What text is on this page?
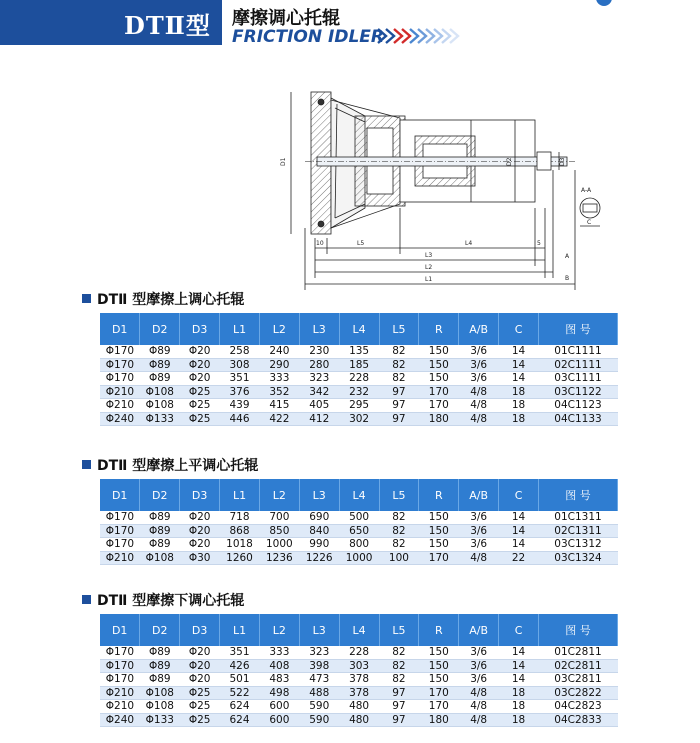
DTⅡ型 摩擦调心托辊
FRICTION IDLER
D1	D2	D3
10	L5	L4	5
L3
L2
L1
A
B
C
A-A
DTⅡ 型摩擦上调心托辊
DTⅡ 型摩擦上平调心托辊
DTⅡ 型摩擦下调心托辊
D1	D2	D3	L1	L2	L3	L4	L5	R	A/B	C	图 号
Φ170	Φ89	Φ20	258	240	230	135	82	150	3/6	14	01C1111
Φ170	Φ89	Φ20	308	290	280	185	82	150	3/6	14	02C1111
Φ170	Φ89	Φ20	351	333	323	228	82	150	3/6	14	03C1111
Φ210	Φ108	Φ25	376	352	342	232	97	170	4/8	18	03C1122
Φ210	Φ108	Φ25	439	415	405	295	97	170	4/8	18	04C1123
Φ240	Φ133	Φ25	446	422	412	302	97	180	4/8	18	04C1133
D1	D2	D3	L1	L2	L3	L4	L5	R	A/B	C	图 号
Φ170	Φ89	Φ20	718	700	690	500	82	150	3/6	14	01C1311
Φ170	Φ89	Φ20	868	850	840	650	82	150	3/6	14	02C1311
Φ170	Φ89	Φ20	1018	1000	990	800	82	150	3/6	14	03C1312
Φ210	Φ108	Φ30	1260	1236	1226	1000	100	170	4/8	22	03C1324
D1	D2	D3	L1	L2	L3	L4	L5	R	A/B	C	图 号
Φ170	Φ89	Φ20	351	333	323	228	82	150	3/6	14	01C2811
Φ170	Φ89	Φ20	426	408	398	303	82	150	3/6	14	02C2811
Φ170	Φ89	Φ20	501	483	473	378	82	150	3/6	14	03C2811
Φ210	Φ108	Φ25	522	498	488	378	97	170	4/8	18	03C2822
Φ210	Φ108	Φ25	624	600	590	480	97	170	4/8	18	04C2823
Φ240	Φ133	Φ25	624	600	590	480	97	180	4/8	18	04C2833
